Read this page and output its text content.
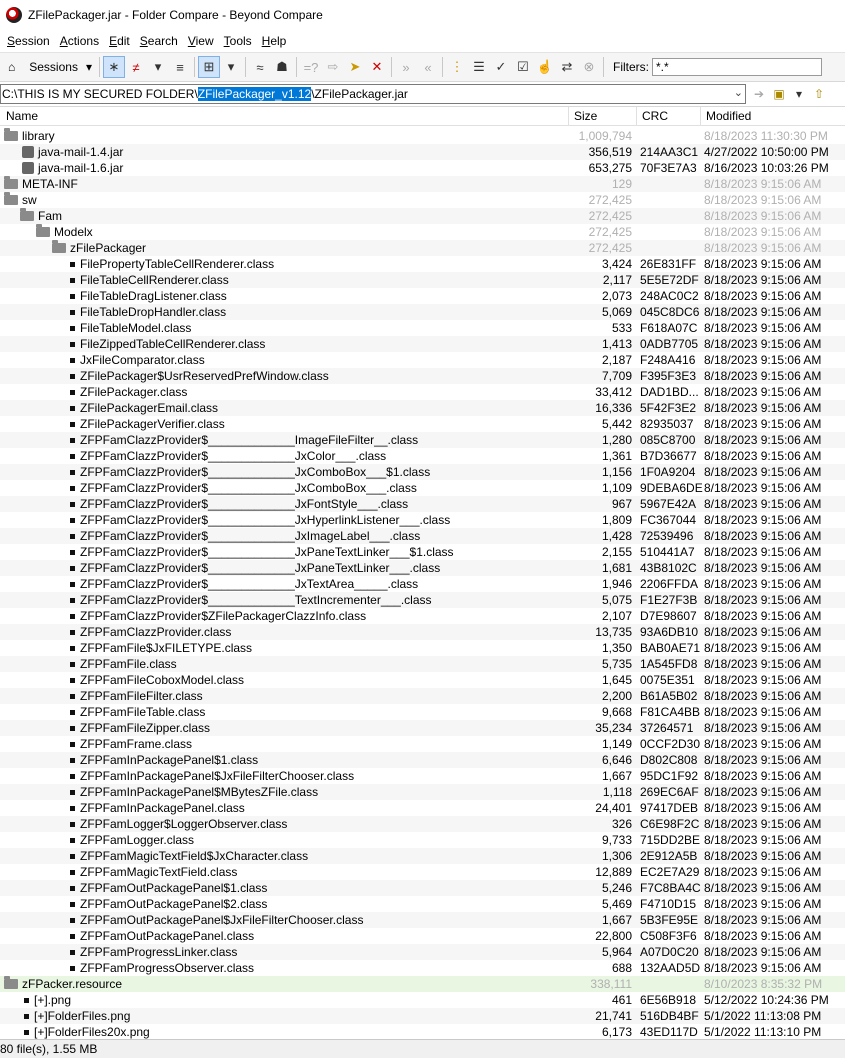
ZFilePackager.jar - Folder Compare - Beyond Compare
Session Actions Edit Search View Tools Help
⌂ Sessions ▾	∗ ≠	▾	≡	⊞	▾	≈ ☗	=? ⇨ ➤ ✕	»	«	⋮ ☰ ✓ ☑ ☝ ⇄ ⊗	Filters: *.*
C:\THIS IS MY SECURED FOLDER\ ZFilePackager_v1.12 \ZFilePackager.jar	⌄ ➔ ▣ ▾ ⇧
Name	Size	CRC	Modified
library	1,009,794	8/18/2023 11:30:30 PM
java-mail-1.4.jar	356,519 214AA3C1 4/27/2022 10:50:00 PM
java-mail-1.6.jar	653,275 70F3E7A3 8/16/2023 10:03:26 PM
META-INF	129	8/18/2023 9:15:06 AM
sw	272,425	8/18/2023 9:15:06 AM
Fam	272,425	8/18/2023 9:15:06 AM
Modelx	272,425	8/18/2023 9:15:06 AM
zFilePackager	272,425	8/18/2023 9:15:06 AM
FilePropertyTableCellRenderer.class	3,424 26E831FF 8/18/2023 9:15:06 AM
FileTableCellRenderer.class	2,117 5E5E72DF 8/18/2023 9:15:06 AM
FileTableDragListener.class	2,073 248AC0C2 8/18/2023 9:15:06 AM
FileTableDropHandler.class	5,069 045C8DC6 8/18/2023 9:15:06 AM
FileTableModel.class	533 F618A07C 8/18/2023 9:15:06 AM
FileZippedTableCellRenderer.class	1,413 0ADB7705 8/18/2023 9:15:06 AM
JxFileComparator.class	2,187 F248A416 8/18/2023 9:15:06 AM
ZFilePackager$UsrReservedPrefWindow.class	7,709 F395F3E3 8/18/2023 9:15:06 AM
ZFilePackager.class	33,412 DAD1BD... 8/18/2023 9:15:06 AM
ZFilePackagerEmail.class	16,336 5F42F3E2 8/18/2023 9:15:06 AM
ZFilePackagerVerifier.class	5,442 82935037 8/18/2023 9:15:06 AM
ZFPFamClazzProvider$_____________ImageFileFilter__.class	1,280 085C8700 8/18/2023 9:15:06 AM
ZFPFamClazzProvider$_____________JxColor___.class	1,361 B7D36677 8/18/2023 9:15:06 AM
ZFPFamClazzProvider$_____________JxComboBox___$1.class	1,156 1F0A9204 8/18/2023 9:15:06 AM
ZFPFamClazzProvider$_____________JxComboBox___.class	1,109 9DEBA6DE 8/18/2023 9:15:06 AM
ZFPFamClazzProvider$_____________JxFontStyle___.class	967 5967E42A 8/18/2023 9:15:06 AM
ZFPFamClazzProvider$_____________JxHyperlinkListener___.class	1,809 FC367044 8/18/2023 9:15:06 AM
ZFPFamClazzProvider$_____________JxImageLabel___.class	1,428 72539496 8/18/2023 9:15:06 AM
ZFPFamClazzProvider$_____________JxPaneTextLinker___$1.class	2,155 510441A7 8/18/2023 9:15:06 AM
ZFPFamClazzProvider$_____________JxPaneTextLinker___.class	1,681 43B8102C 8/18/2023 9:15:06 AM
ZFPFamClazzProvider$_____________JxTextArea_____.class	1,946 2206FFDA 8/18/2023 9:15:06 AM
ZFPFamClazzProvider$_____________TextIncrementer___.class	5,075 F1E27F3B 8/18/2023 9:15:06 AM
ZFPFamClazzProvider$ZFilePackagerClazzInfo.class	2,107 D7E98607 8/18/2023 9:15:06 AM
ZFPFamClazzProvider.class	13,735 93A6DB10 8/18/2023 9:15:06 AM
ZFPFamFile$JxFILETYPE.class	1,350 BAB0AE71 8/18/2023 9:15:06 AM
ZFPFamFile.class	5,735 1A545FD8 8/18/2023 9:15:06 AM
ZFPFamFileCoboxModel.class	1,645 0075E351 8/18/2023 9:15:06 AM
ZFPFamFileFilter.class	2,200 B61A5B02 8/18/2023 9:15:06 AM
ZFPFamFileTable.class	9,668 F81CA4BB 8/18/2023 9:15:06 AM
ZFPFamFileZipper.class	35,234 37264571 8/18/2023 9:15:06 AM
ZFPFamFrame.class	1,149 0CCF2D30 8/18/2023 9:15:06 AM
ZFPFamInPackagePanel$1.class	6,646 D802C808 8/18/2023 9:15:06 AM
ZFPFamInPackagePanel$JxFileFilterChooser.class	1,667 95DC1F92 8/18/2023 9:15:06 AM
ZFPFamInPackagePanel$MBytesZFile.class	1,118 269EC6AF 8/18/2023 9:15:06 AM
ZFPFamInPackagePanel.class	24,401 97417DEB 8/18/2023 9:15:06 AM
ZFPFamLogger$LoggerObserver.class	326 C6E98F2C 8/18/2023 9:15:06 AM
ZFPFamLogger.class	9,733 715DD2BE 8/18/2023 9:15:06 AM
ZFPFamMagicTextField$JxCharacter.class	1,306 2E912A5B 8/18/2023 9:15:06 AM
ZFPFamMagicTextField.class	12,889 EC2E7A29 8/18/2023 9:15:06 AM
ZFPFamOutPackagePanel$1.class	5,246 F7C8BA4C 8/18/2023 9:15:06 AM
ZFPFamOutPackagePanel$2.class	5,469 F4710D15 8/18/2023 9:15:06 AM
ZFPFamOutPackagePanel$JxFileFilterChooser.class	1,667 5B3FE95E 8/18/2023 9:15:06 AM
ZFPFamOutPackagePanel.class	22,800 C508F3F6 8/18/2023 9:15:06 AM
ZFPFamProgressLinker.class	5,964 A07D0C20 8/18/2023 9:15:06 AM
ZFPFamProgressObserver.class	688 132AAD5D 8/18/2023 9:15:06 AM
zFPacker.resource	338,111	8/10/2023 8:35:32 PM
[+].png	461 6E56B918 5/12/2022 10:24:36 PM
[+]FolderFiles.png	21,741 516DB4BF 5/1/2022 11:13:08 PM
[+]FolderFiles20x.png	6,173 43ED117D 5/1/2022 11:13:10 PM
80 file(s), 1.55 MB
